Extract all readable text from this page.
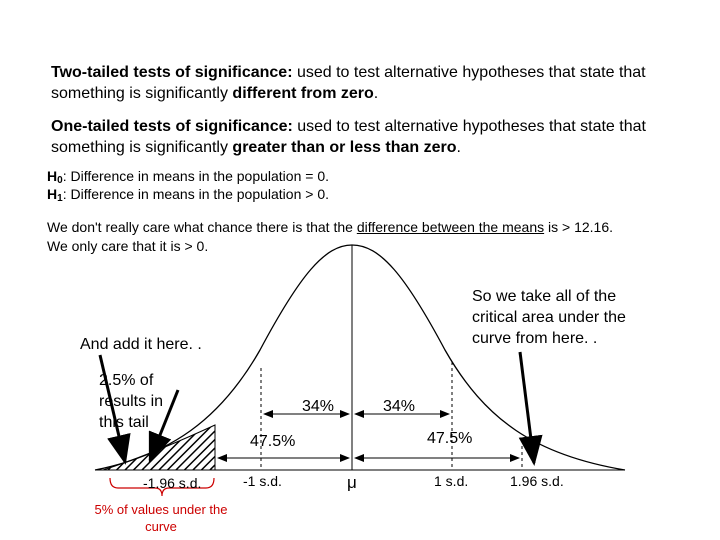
Two-tailed tests of significance: used to test alternative hypotheses that state that something is significantly different from zero.
One-tailed tests of significance: used to test alternative hypotheses that state that something is significantly greater than or less than zero.
$H_0$: Difference in means in the population = 0.
$H_1$: Difference in means in the population > 0.
We don't really care what chance there is that the difference between the means is > 12.16. We only care that it is > 0.
34%	34%
47.5%	47.5%
-1.96 s.d.	-1 s.d.	μ	1 s.d.	1.96 s.d.
So we take all of the critical area under the curve from here. .
And add it here. .
2.5% of results in this tail
5% of values under the curve
